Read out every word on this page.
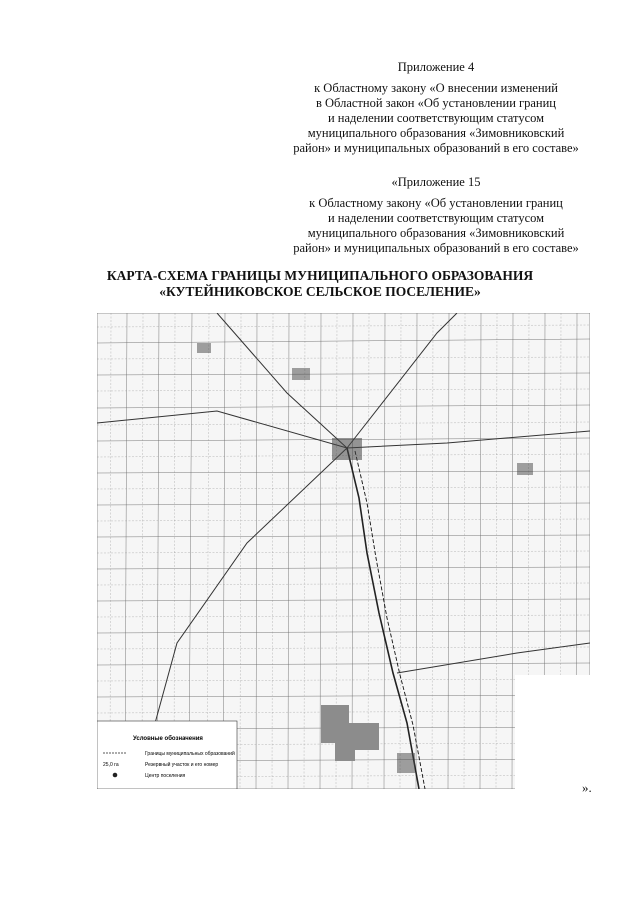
Приложение 4
к Областному закону «О внесении изменений
в Областной закон «Об установлении границ
и наделении соответствующим статусом
муниципального образования «Зимовниковский
район» и муниципальных образований в его составе»
«Приложение 15
к Областному закону «Об установлении границ
и наделении соответствующим статусом
муниципального образования «Зимовниковский
район» и муниципальных образований в его составе»
КАРТА-СХЕМА ГРАНИЦЫ МУНИЦИПАЛЬНОГО ОБРАЗОВАНИЯ
«КУТЕЙНИКОВСКОЕ СЕЛЬСКОЕ ПОСЕЛЕНИЕ»
Условные обозначения
Границы муниципальных образований
25,0 га	Резервный участок и его номер
Центр поселения
».
